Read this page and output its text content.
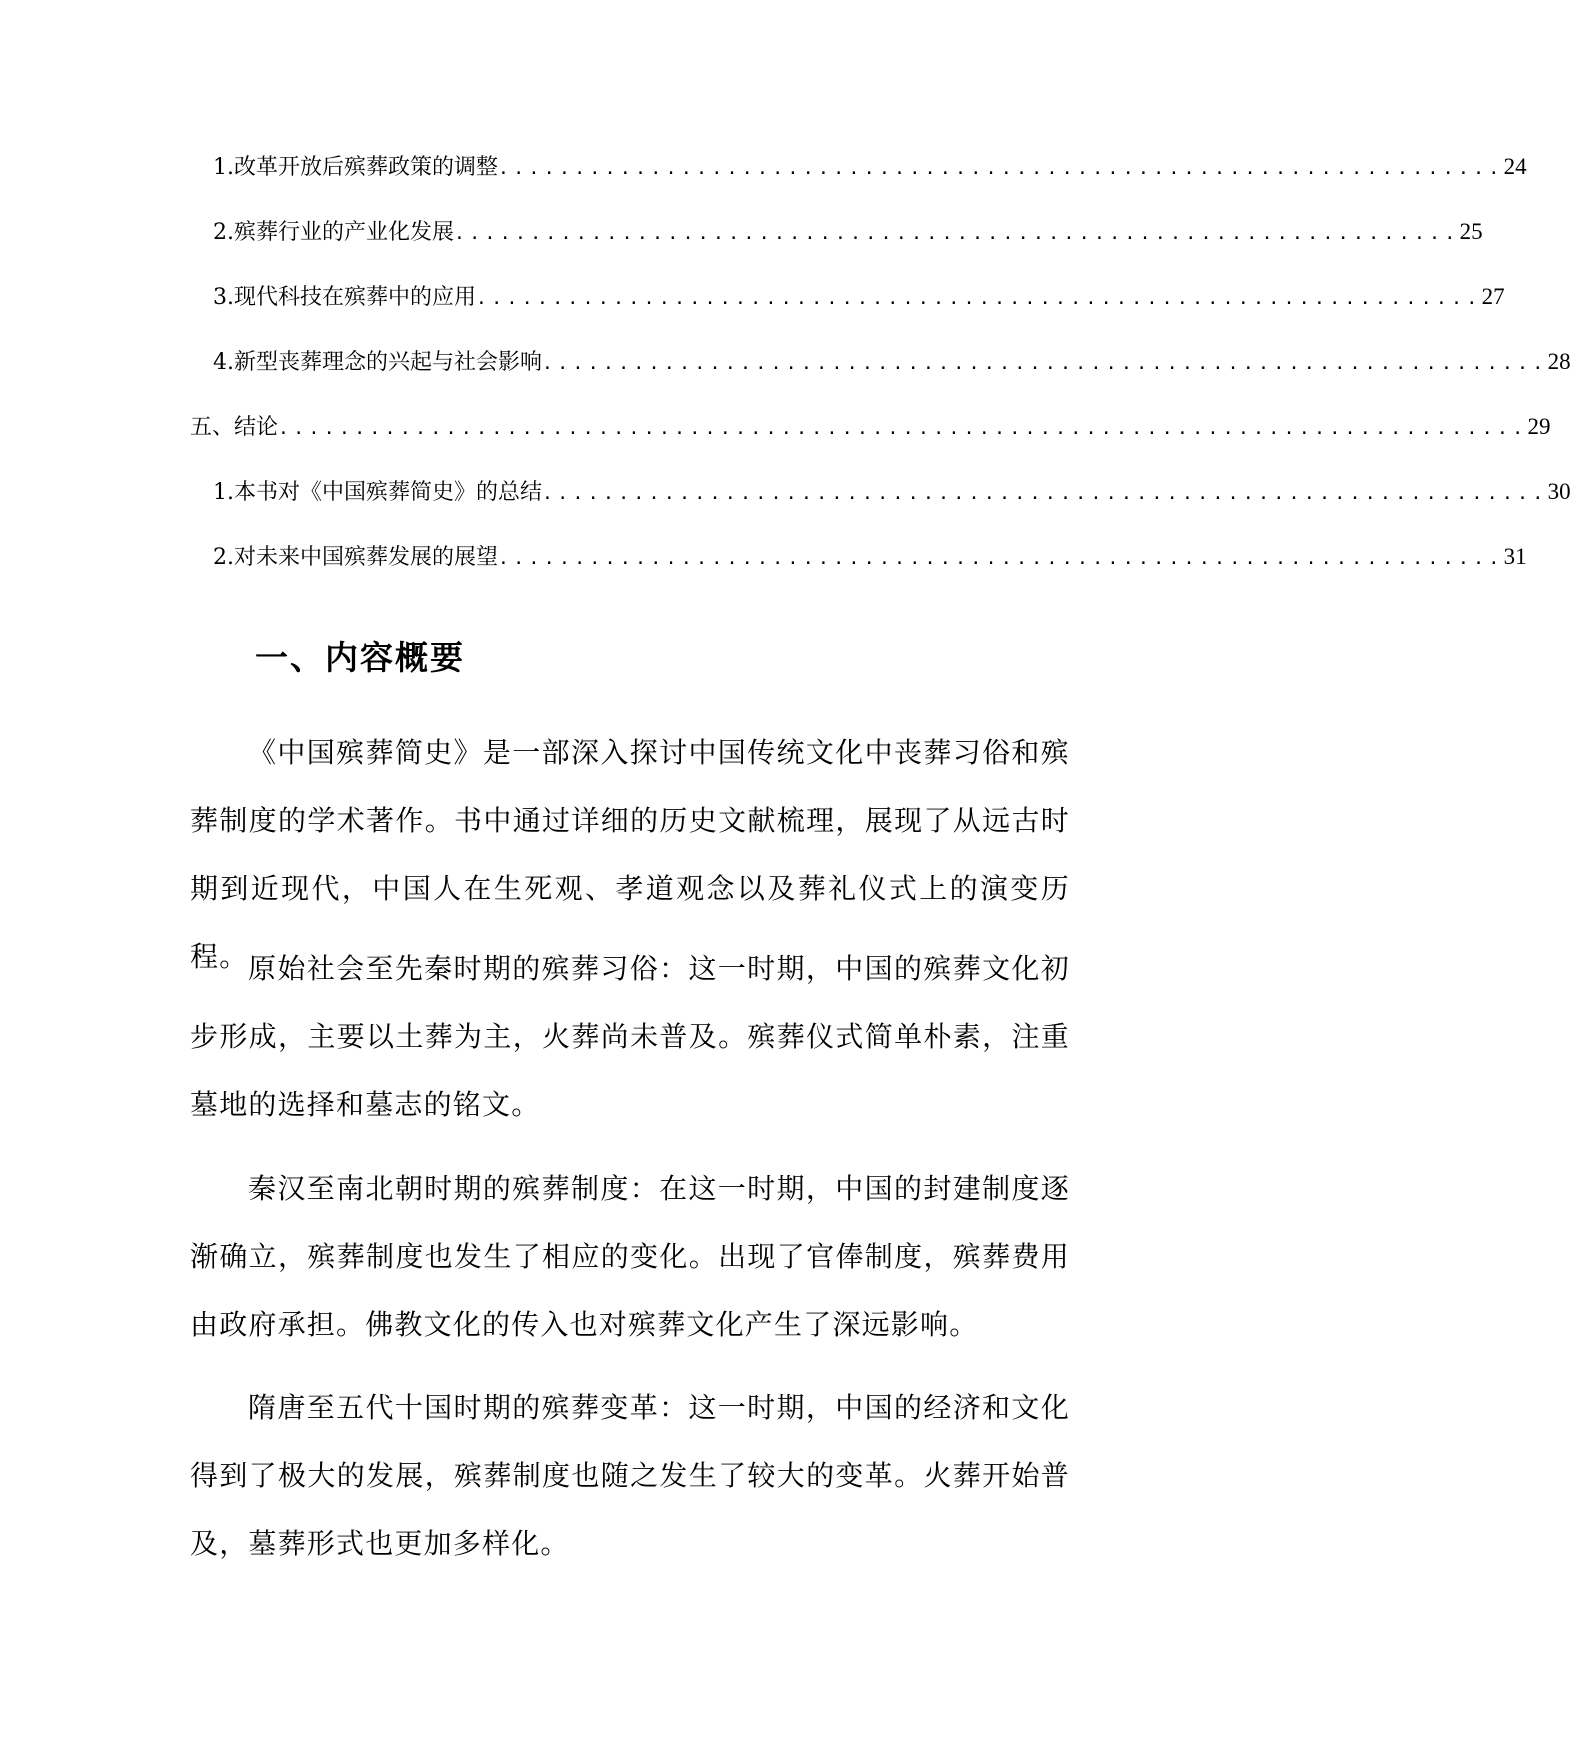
1. 改革开放后殡葬政策的调整 .................................................................. 24
2. 殡葬行业的产业化发展 .................................................................. 25
3. 现代科技在殡葬中的应用 .................................................................. 27
4. 新型丧葬理念的兴起与社会影响 .................................................................. 28
五、结论 .................................................................................. 29
1. 本书对《中国殡葬简史》的总结 .................................................................. 30
2. 对未来中国殡葬发展的展望 .................................................................. 31
一、内容概要

《中国殡葬简史》是一部深入探讨中国传统文化中丧葬习俗和殡葬制度的学术著作。书中通过详细的历史文献梳理，展现了从远古时期到近现代，中国人在生死观、孝道观念以及葬礼仪式上的演变历程。 原始社会至先秦时期的殡葬习俗：这一时期，中国的殡葬文化初步形成，主要以土葬为主，火葬尚未普及。殡葬仪式简单朴素，注重墓地的选择和墓志的铭文。

秦汉至南北朝时期的殡葬制度：在这一时期，中国的封建制度逐渐确立，殡葬制度也发生了相应的变化。出现了官俸制度，殡葬费用由政府承担。佛教文化的传入也对殡葬文化产生了深远影响。

隋唐至五代十国时期的殡葬变革：这一时期，中国的经济和文化得到了极大的发展，殡葬制度也随之发生了较大的变革。火葬开始普及，墓葬形式也更加多样化。
